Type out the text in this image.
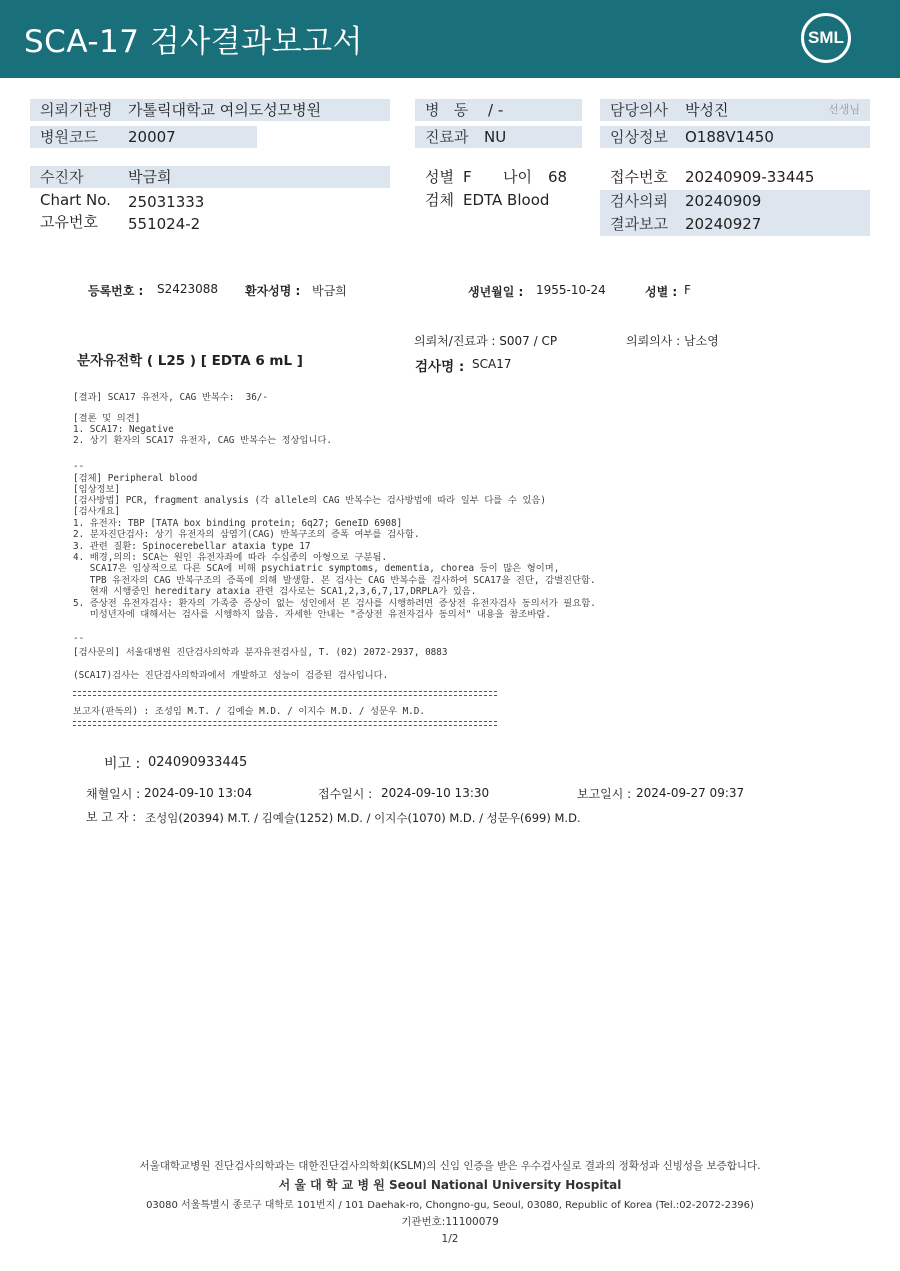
SCA-17 검사결과보고서	SML
의뢰기관명 가톨릭대학교 여의도성모병원
병원코드 20007
병   동 / -
진료과 NU
담당의사 박성진	선생님
임상정보 O188V1450
수진자	박금희
Chart No. 25031333
고유번호 551024-2
성별 F 나이 68
검체 EDTA Blood
접수번호 20240909-33445
검사의뢰 20240909
결과보고 20240927
등록번호 : S2423088 환자성명 : 박금희	생년월일 : 1955-10-24	성별 : F
의뢰처/진료과 : S007 / CP	의뢰의사 : 남소영
분자유전학 ( L25 ) [ EDTA 6 mL ]	검사명 : SCA17
[결과] SCA17 유전자, CAG 반복수:  36/-
[결론 및 의견]
1. SCA17: Negative
2. 상기 환자의 SCA17 유전자, CAG 반복수는 정상입니다.
--
[검체] Peripheral blood
[임상정보]
[검사방법] PCR, fragment analysis (각 allele의 CAG 반복수는 검사방법에 따라 일부 다를 수 있음)
[검사개요]
1. 유전자: TBP [TATA box binding protein; 6q27; GeneID 6908]
2. 분자진단검사: 상기 유전자의 삼염기(CAG) 반복구조의 증폭 여부를 검사함.
3. 관련 질환: Spinocerebellar ataxia type 17
4. 배경,의의: SCA는 원인 유전자좌에 따라 수십종의 아형으로 구분됨.
SCA17은 임상적으로 다른 SCA에 비해 psychiatric symptoms, dementia, chorea 등이 많은 형이며,
TPB 유전자의 CAG 반복구조의 증폭에 의해 발생함. 본 검사는 CAG 반복수를 검사하여 SCA17을 진단, 감별진단함.
현재 시행중인 hereditary ataxia 관련 검사로는 SCA1,2,3,6,7,17,DRPLA가 있음.
5. 증상전 유전자검사: 환자의 가족중 증상이 없는 성인에서 본 검사를 시행하려면 증상전 유전자검사 동의서가 필요함.
미성년자에 대해서는 검사를 시행하지 않음. 자세한 안내는 "증상전 유전자검사 동의서" 내용을 참조바람.
--
[검사문의] 서울대병원 진단검사의학과 분자유전검사실, T. (02) 2072-2937, 0883
(SCA17)검사는 진단검사의학과에서 개발하고 성능이 검증된 검사입니다.
보고자(판독의) : 조성임 M.T. / 김예슬 M.D. / 이지수 M.D. / 성문우 M.D.
비고 : 024090933445
채혈일시 : 2024-09-10 13:04	접수일시 : 2024-09-10 13:30	보고일시 : 2024-09-27 09:37
보 고 자 : 조성임(20394) M.T. / 김예슬(1252) M.D. / 이지수(1070) M.D. / 성문우(699) M.D.
서울대학교병원 진단검사의학과는 대한진단검사의학회(KSLM)의 신임 인증을 받은 우수검사실로 결과의 정확성과 신빙성을 보증합니다.
서 울 대 학 교 병 원 Seoul National University Hospital
03080 서울특별시 종로구 대학로 101번지 / 101 Daehak-ro, Chongno-gu, Seoul, 03080, Republic of Korea (Tel.:02-2072-2396)
기관번호:11100079
1/2
